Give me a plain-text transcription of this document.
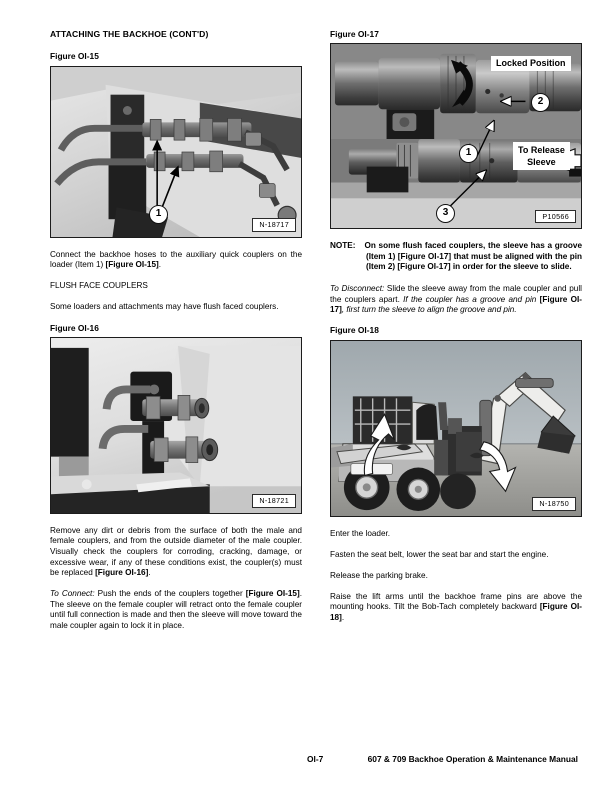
ATTACHING THE BACKHOE (CONT'D)
Figure OI-15
1
N-18717

Connect the backhoe hoses to the auxiliary quick couplers on the loader (Item 1) [Figure OI-15].

FLUSH FACE COUPLERS

Some loaders and attachments may have flush faced couplers.

Figure OI-16
N-18721

Remove any dirt or debris from the surface of both the male and female couplers, and from the outside diameter of the male coupler. Visually check the couplers for corroding, cracking, damage, or excessive wear, if any of these conditions exist, the coupler(s) must be replaced [Figure OI-16].

To Connect: Push the ends of the couplers together [Figure OI-15]. The sleeve on the female coupler will retract onto the female coupler until full connection is made and then the sleeve will move toward the male coupler again to lock it in place.

Figure OI-17
Locked Position
To Release
Sleeve
1
2
3	P10566
NOTE: On some flush faced couplers, the sleeve has a groove (Item 1) [Figure OI-17] that must be aligned with the pin (Item 2) [Figure OI-17] in order for the sleeve to slide.

To Disconnect: Slide the sleeve away from the male coupler and pull the couplers apart. If the coupler has a groove and pin [Figure OI-17], first turn the sleeve to align the groove and pin.

Figure OI-18
N-18750

Enter the loader.

Fasten the seat belt, lower the seat bar and start the engine.

Release the parking brake.

Raise the lift arms until the backhoe frame pins are above the mounting hooks. Tilt the Bob-Tach completely backward [Figure OI-18].

OI-7	607 & 709 Backhoe Operation & Maintenance Manual
